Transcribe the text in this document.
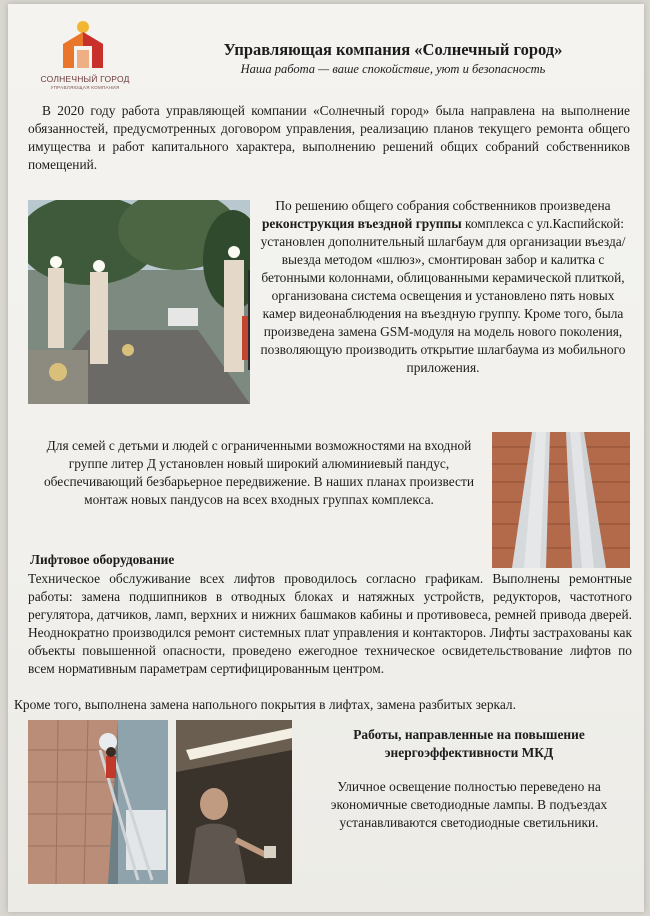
СОЛНЕЧНЫЙ ГОРОД
УПРАВЛЯЮЩАЯ КОМПАНИЯ
Управляющая компания «Солнечный город»
Наша работа — ваше спокойствие, уют и безопасность
В 2020 году работа управляющей компании «Солнечный город» была направлена на выполнение обязанностей, предусмотренных договором управления, реализацию планов текущего ремонта общего имущества и работ капитального характера, выполнению решений общих собраний собственников помещений.
По решению общего собрания собственников произведена реконструкция въездной группы комплекса с ул.Каспийской: установлен дополнительный шлагбаум для организации въезда/выезда методом «шлюз», смонтирован забор и калитка с бетонными колоннами, облицованными керамической плиткой, организована система освещения и установлено пять новых камер видеонаблюдения на въездную группу. Кроме того, была произведена замена GSM-модуля на модель нового поколения, позволяющую производить открытие шлагбаума из мобильного приложения.
Для семей с детьми и людей с ограниченными возможностями на входной группе литер Д установлен новый широкий алюминиевый пандус, обеспечивающий безбарьерное передвижение. В наших планах произвести монтаж новых пандусов на всех входных группах комплекса.
Лифтовое оборудование
Техническое обслуживание всех лифтов проводилось согласно графикам. Выполнены ремонтные работы: замена подшипников в отводных блоках и натяжных устройств, редукторов, частотного регулятора, датчиков, ламп, верхних и нижних башмаков кабины и противовеса, ремней привода дверей. Неоднократно производился ремонт системных плат управления и контакторов. Лифты застрахованы как объекты повышенной опасности, проведено ежегодное техническое освидетельствование лифтов по всем нормативным параметрам сертифицированным центром.
Кроме того, выполнена замена напольного покрытия в лифтах, замена разбитых зеркал.
Работы, направленные на повышение энергоэффективности МКД
Уличное освещение полностью переведено на экономичные светодиодные лампы. В подъездах устанавливаются светодиодные светильники.
